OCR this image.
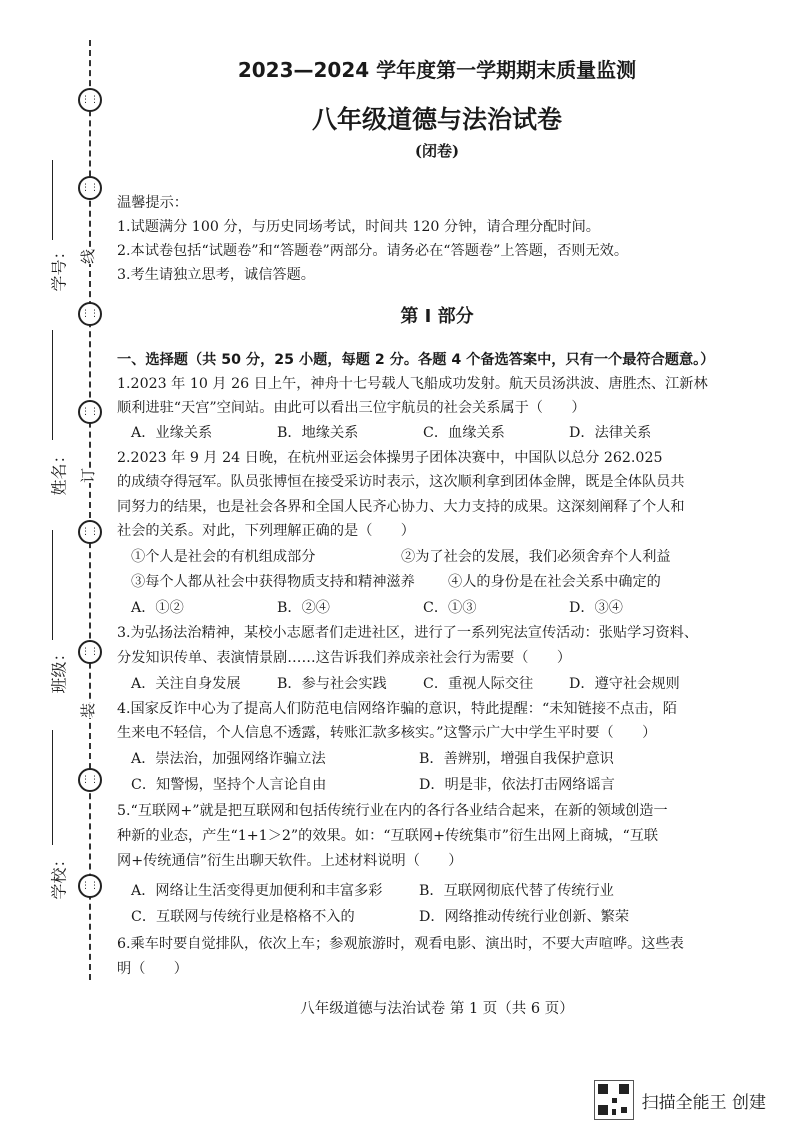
⋮⋮
⋮⋮
⋮⋮
⋮⋮
⋮⋮
⋮⋮
⋮⋮
⋮⋮
线
订
装
学号：
姓名：
班级：
学校：
2023—2024 学年度第一学期期末质量监测
八年级道德与法治试卷
(闭卷)
温馨提示：
1.试题满分 100 分，与历史同场考试，时间共 120 分钟，请合理分配时间。
2.本试卷包括“试题卷”和“答题卷”两部分。请务必在“答题卷”上答题，否则无效。
3.考生请独立思考，诚信答题。
第 I 部分
一、选择题（共 50 分，25 小题，每题 2 分。各题 4 个备选答案中，只有一个最符合题意。）
1.2023 年 10 月 26 日上午，神舟十七号载人飞船成功发射。航天员汤洪波、唐胜杰、江新林
顺利进驻“天宫”空间站。由此可以看出三位宇航员的社会关系属于（　　）
A．业缘关系	B．地缘关系	C．血缘关系	D．法律关系
2.2023 年 9 月 24 日晚，在杭州亚运会体操男子团体决赛中，中国队以总分 262.025
的成绩夺得冠军。队员张博恒在接受采访时表示，这次顺利拿到团体金牌，既是全体队员共
同努力的结果，也是社会各界和全国人民齐心协力、大力支持的成果。这深刻阐释了个人和
社会的关系。对此，下列理解正确的是（　　）
①个人是社会的有机组成部分	②为了社会的发展，我们必须舍弃个人利益
③每个人都从社会中获得物质支持和精神滋养 ④人的身份是在社会关系中确定的
A．①②	B．②④	C．①③	D．③④
3.为弘扬法治精神，某校小志愿者们走进社区，进行了一系列宪法宣传活动：张贴学习资料、
分发知识传单、表演情景剧……这告诉我们养成亲社会行为需要（　　）
A．关注自身发展	B．参与社会实践	C．重视人际交往	D．遵守社会规则
4.国家反诈中心为了提高人们防范电信网络诈骗的意识，特此提醒：“未知链接不点击，陌
生来电不轻信，个人信息不透露，转账汇款多核实。”这警示广大中学生平时要（　　）
A．崇法治，加强网络诈骗立法	B．善辨别，增强自我保护意识
C．知警惕，坚持个人言论自由	D．明是非，依法打击网络谣言
5.“互联网+”就是把互联网和包括传统行业在内的各行各业结合起来，在新的领域创造一
种新的业态，产生“1+1＞2”的效果。如：“互联网+传统集市”衍生出网上商城，“互联
网+传统通信”衍生出聊天软件。上述材料说明（　　）
A．网络让生活变得更加便利和丰富多彩	B．互联网彻底代替了传统行业
C．互联网与传统行业是格格不入的	D．网络推动传统行业创新、繁荣
6.乘车时要自觉排队，依次上车；参观旅游时，观看电影、演出时，不要大声喧哗。这些表
明（　　）
八年级道德与法治试卷 第 1 页（共 6 页）
扫描全能王 创建
